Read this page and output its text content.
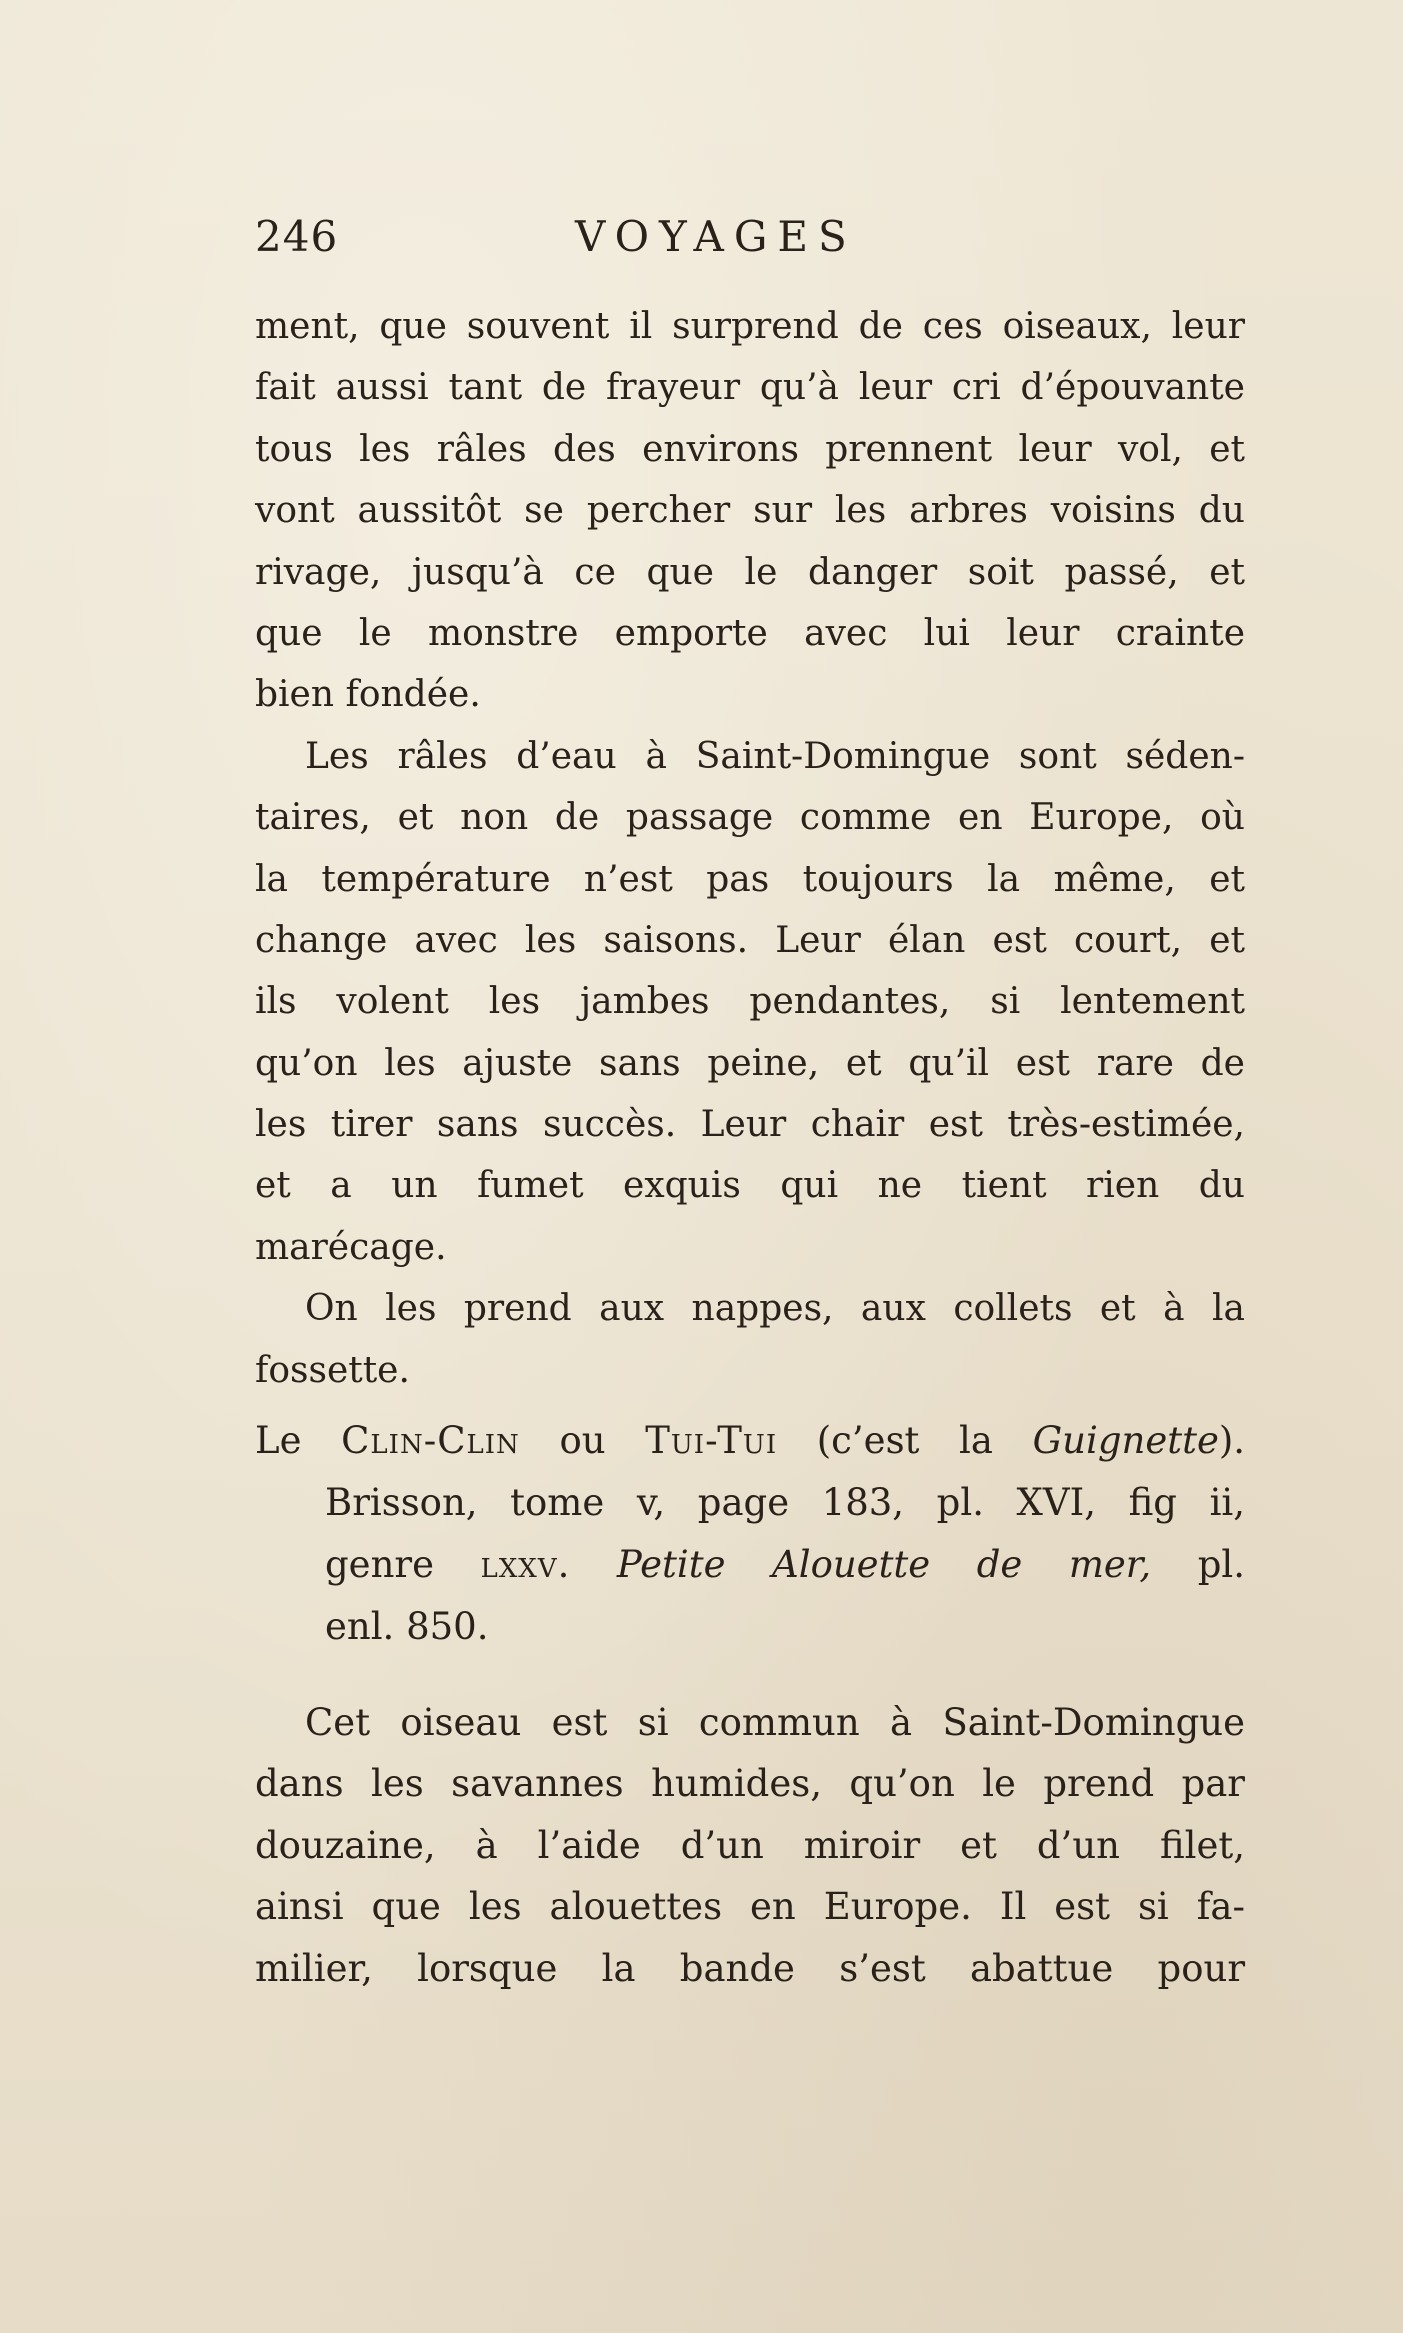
246	VOYAGES
ment, que souvent il surprend de ces oiseaux, leur
fait aussi tant de frayeur qu’à leur cri d’épouvante
tous les râles des environs prennent leur vol, et
vont aussitôt se percher sur les arbres voisins du
rivage, jusqu’à ce que le danger soit passé, et
que le monstre emporte avec lui leur crainte
bien fondée.
Les râles d’eau à Saint-Domingue sont séden-
taires, et non de passage comme en Europe, où
la température n’est pas toujours la même, et
change avec les saisons. Leur élan est court, et
ils volent les jambes pendantes, si lentement
qu’on les ajuste sans peine, et qu’il est rare de
les tirer sans succès. Leur chair est très-estimée,
et a un fumet exquis qui ne tient rien du
marécage.
On les prend aux nappes, aux collets et à la
fossette.
Le Clin-Clin ou Tui-Tui (c’est la Guignette).
Brisson, tome v, page 183, pl. XVI, fig ii,
genre lxxv. Petite Alouette de mer, pl.
enl. 850.
Cet oiseau est si commun à Saint-Domingue
dans les savannes humides, qu’on le prend par
douzaine, à l’aide d’un miroir et d’un filet,
ainsi que les alouettes en Europe. Il est si fa-
milier, lorsque la bande s’est abattue pour
